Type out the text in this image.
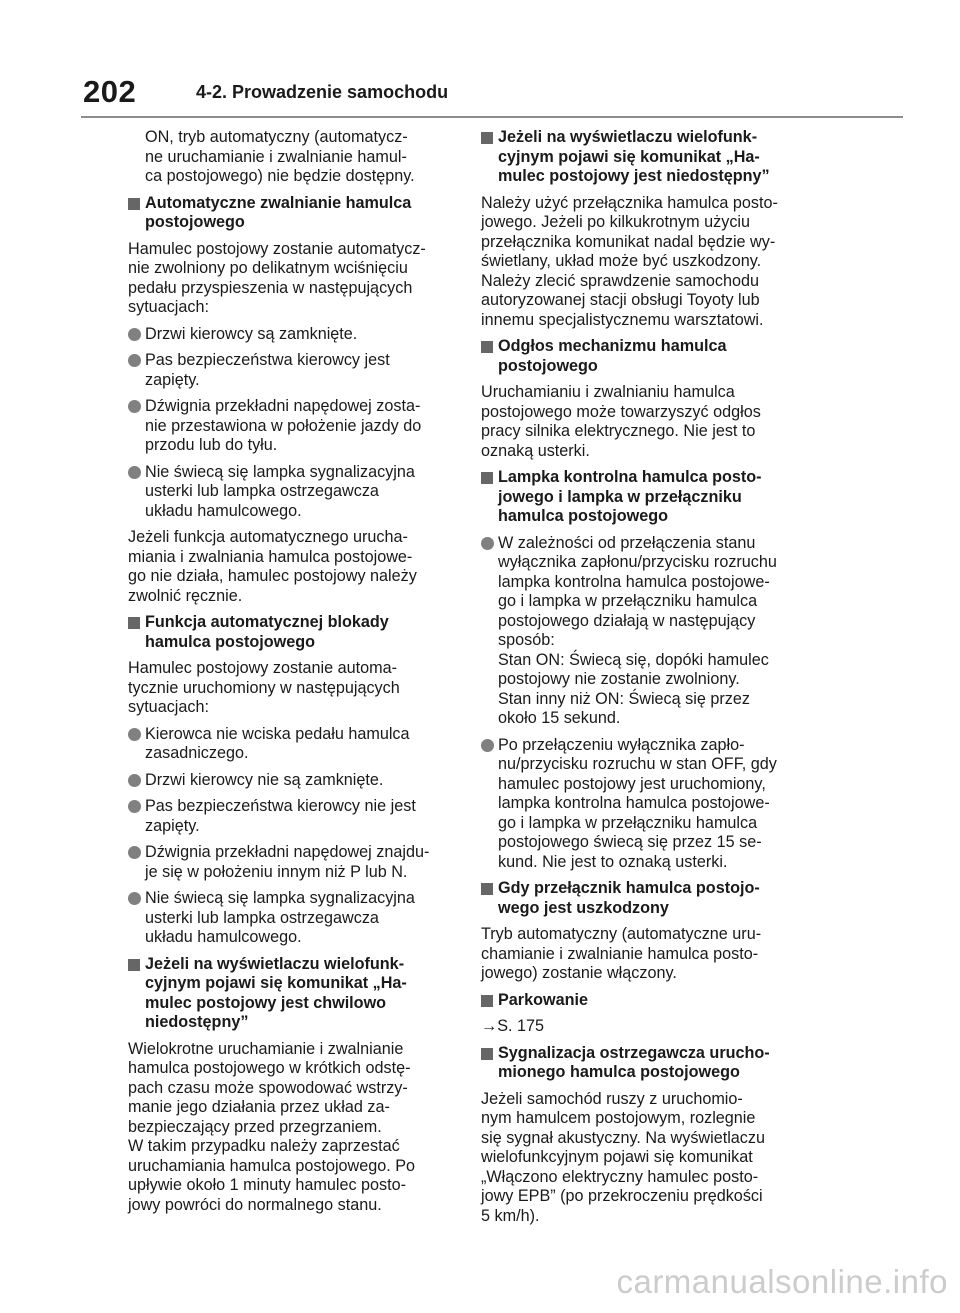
202	4-2. Prowadzenie samochodu
ON, tryb automatyczny (automatycz-
ne uruchamianie i zwalnianie hamul-
ca postojowego) nie będzie dostępny.
Automatyczne zwalnianie hamulca
postojowego
Hamulec postojowy zostanie automatycz-
nie zwolniony po delikatnym wciśnięciu
pedału przyspieszenia w następujących
sytuacjach:
Drzwi kierowcy są zamknięte.
Pas bezpieczeństwa kierowcy jest
zapięty.
Dźwignia przekładni napędowej zosta-
nie przestawiona w położenie jazdy do
przodu lub do tyłu.
Nie świecą się lampka sygnalizacyjna
usterki lub lampka ostrzegawcza
układu hamulcowego.
Jeżeli funkcja automatycznego urucha-
miania i zwalniania hamulca postojowe-
go nie działa, hamulec postojowy należy
zwolnić ręcznie.
Funkcja automatycznej blokady
hamulca postojowego
Hamulec postojowy zostanie automa-
tycznie uruchomiony w następujących
sytuacjach:
Kierowca nie wciska pedału hamulca
zasadniczego.
Drzwi kierowcy nie są zamknięte.
Pas bezpieczeństwa kierowcy nie jest
zapięty.
Dźwignia przekładni napędowej znajdu-
je się w położeniu innym niż P lub N.
Nie świecą się lampka sygnalizacyjna
usterki lub lampka ostrzegawcza
układu hamulcowego.
Jeżeli na wyświetlaczu wielofunk-
cyjnym pojawi się komunikat „Ha-
mulec postojowy jest chwilowo
niedostępny”
Wielokrotne uruchamianie i zwalnianie
hamulca postojowego w krótkich odstę-
pach czasu może spowodować wstrzy-
manie jego działania przez układ za-
bezpieczający przed przegrzaniem.
W takim przypadku należy zaprzestać
uruchamiania hamulca postojowego. Po
upływie około 1 minuty hamulec posto-
jowy powróci do normalnego stanu.
Jeżeli na wyświetlaczu wielofunk-
cyjnym pojawi się komunikat „Ha-
mulec postojowy jest niedostępny”
Należy użyć przełącznika hamulca posto-
jowego. Jeżeli po kilkukrotnym użyciu
przełącznika komunikat nadal będzie wy-
świetlany, układ może być uszkodzony.
Należy zlecić sprawdzenie samochodu
autoryzowanej stacji obsługi Toyoty lub
innemu specjalistycznemu warsztatowi.
Odgłos mechanizmu hamulca
postojowego
Uruchamianiu i zwalnianiu hamulca
postojowego może towarzyszyć odgłos
pracy silnika elektrycznego. Nie jest to
oznaką usterki.
Lampka kontrolna hamulca posto-
jowego i lampka w przełączniku
hamulca postojowego
W zależności od przełączenia stanu
wyłącznika zapłonu/przycisku rozruchu
lampka kontrolna hamulca postojowe-
go i lampka w przełączniku hamulca
postojowego działają w następujący
sposób:
Stan ON: Świecą się, dopóki hamulec
postojowy nie zostanie zwolniony.
Stan inny niż ON: Świecą się przez
około 15 sekund.
Po przełączeniu wyłącznika zapło-
nu/przycisku rozruchu w stan OFF, gdy
hamulec postojowy jest uruchomiony,
lampka kontrolna hamulca postojowe-
go i lampka w przełączniku hamulca
postojowego świecą się przez 15 se-
kund. Nie jest to oznaką usterki.
Gdy przełącznik hamulca postojo-
wego jest uszkodzony
Tryb automatyczny (automatyczne uru-
chamianie i zwalnianie hamulca posto-
jowego) zostanie włączony.
Parkowanie
→S. 175
Sygnalizacja ostrzegawcza urucho-
mionego hamulca postojowego
Jeżeli samochód ruszy z uruchomio-
nym hamulcem postojowym, rozlegnie
się sygnał akustyczny. Na wyświetlaczu
wielofunkcyjnym pojawi się komunikat
„Włączono elektryczny hamulec posto-
jowy EPB” (po przekroczeniu prędkości
5 km/h).
carmanualsonline.info
